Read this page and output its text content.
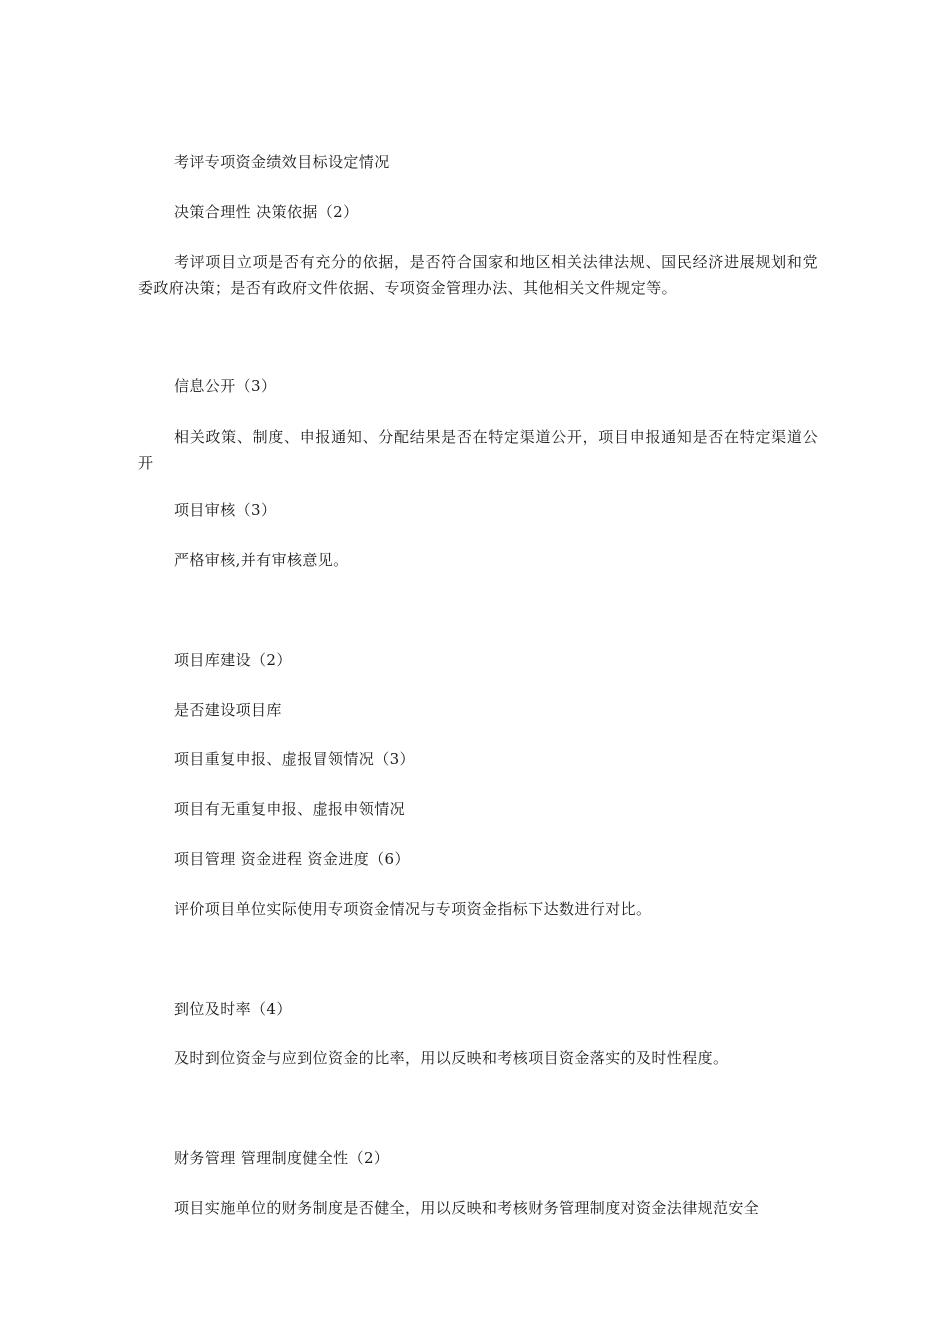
考评专项资金绩效目标设定情况

决策合理性 决策依据（2）

考评项目立项是否有充分的依据，是否符合国家和地区相关法律法规、国民经济进展规划和党委政府决策；是否有政府文件依据、专项资金管理办法、其他相关文件规定等。

信息公开（3）

相关政策、制度、申报通知、分配结果是否在特定渠道公开，项目申报通知是否在特定渠道公开

项目审核（3）

严格审核,并有审核意见。

项目库建设（2）

是否建设项目库

项目重复申报、虚报冒领情况（3）

项目有无重复申报、虚报申领情况

项目管理 资金进程 资金进度（6）

评价项目单位实际使用专项资金情况与专项资金指标下达数进行对比。

到位及时率（4）

及时到位资金与应到位资金的比率，用以反映和考核项目资金落实的及时性程度。

财务管理 管理制度健全性（2）

项目实施单位的财务制度是否健全，用以反映和考核财务管理制度对资金法律规范安全
